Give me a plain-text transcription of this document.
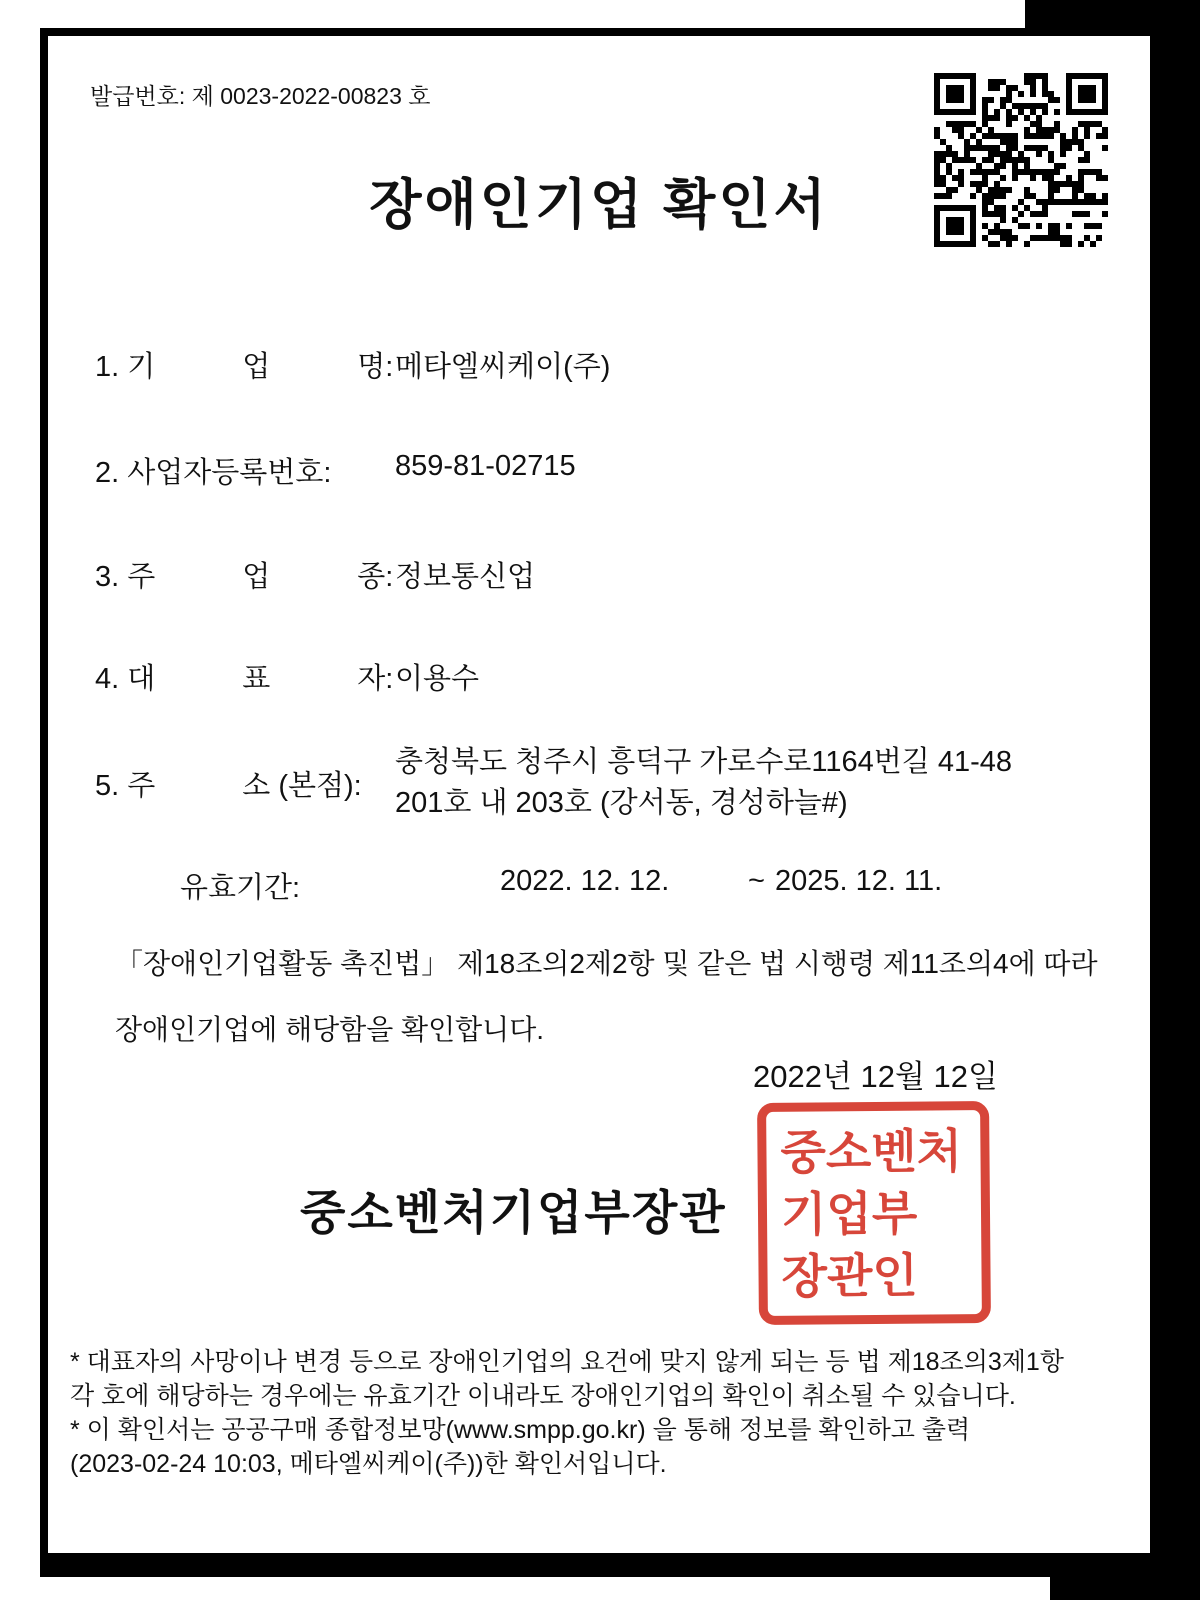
발급번호: 제 0023-2022-00823 호
장애인기업 확인서
1. 기　　　업　　　명:메타엘씨케이(주)
2. 사업자등록번호: 859-81-02715
3. 주　　　업　　　종:정보통신업
4. 대　　　표　　　자:이용수
5. 주　　　소 (본점):
충청북도 청주시 흥덕구 가로수로1164번길 41-48
201호 내 203호 (강서동, 경성하늘#)
유효기간:	2022. 12. 12.	~ 2025. 12. 11.
「장애인기업활동 촉진법」 제18조의2제2항 및 같은 법 시행령 제11조의4에 따라
장애인기업에 해당함을 확인합니다.
2022년 12월 12일
중소벤처
기업부
장관인
중소벤처기업부장관
* 대표자의 사망이나 변경 등으로 장애인기업의 요건에 맞지 않게 되는 등 법 제18조의3제1항
각 호에 해당하는 경우에는 유효기간 이내라도 장애인기업의 확인이 취소될 수 있습니다.
* 이 확인서는 공공구매 종합정보망(www.smpp.go.kr) 을 통해 정보를 확인하고 출력
(2023-02-24 10:03, 메타엘씨케이(주))한 확인서입니다.
